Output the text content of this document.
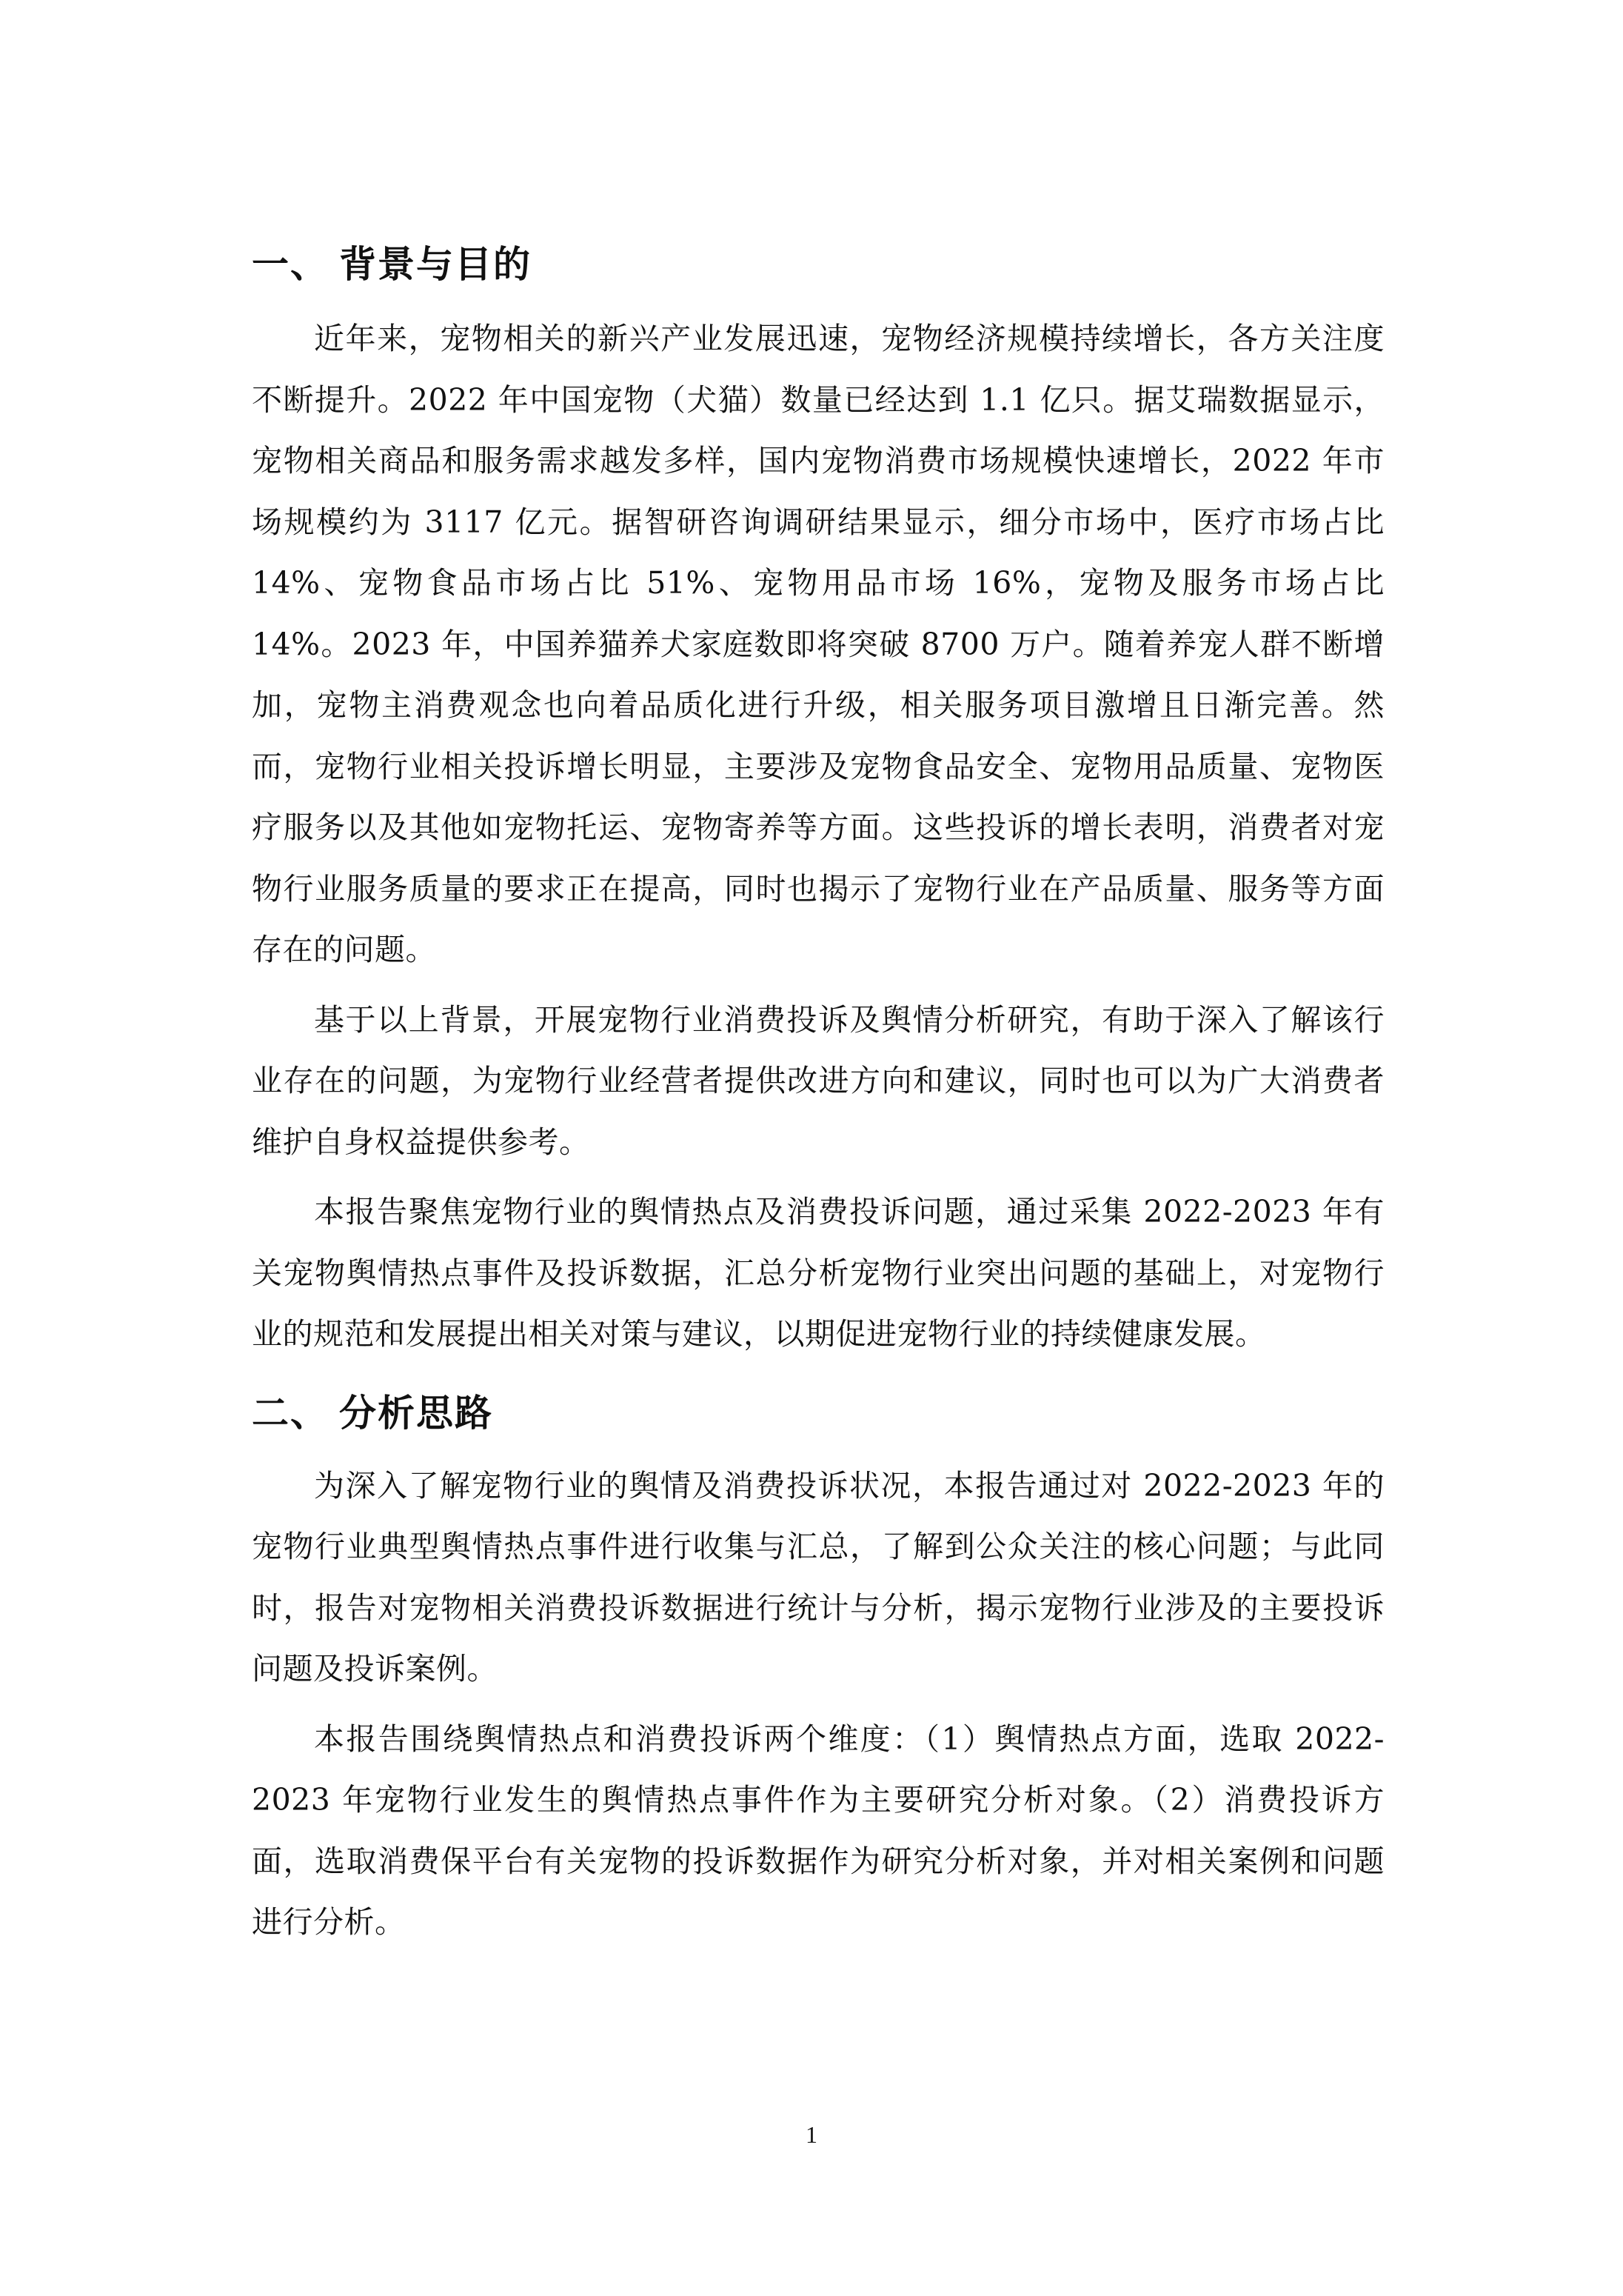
一、 背景与目的

近年来，宠物相关的新兴产业发展迅速，宠物经济规模持续增长，各方关注度不断提升。2022 年中国宠物（犬猫）数量已经达到 1.1 亿只。据艾瑞数据显示，宠物相关商品和服务需求越发多样，国内宠物消费市场规模快速增长，2022 年市场规模约为 3117 亿元。据智研咨询调研结果显示，细分市场中，医疗市场占比 14%、宠物食品市场占比 51%、宠物用品市场 16%，宠物及服务市场占比 14%。2023 年，中国养猫养犬家庭数即将突破 8700 万户。随着养宠人群不断增加，宠物主消费观念也向着品质化进行升级，相关服务项目激增且日渐完善。然而，宠物行业相关投诉增长明显，主要涉及宠物食品安全、宠物用品质量、宠物医疗服务以及其他如宠物托运、宠物寄养等方面。这些投诉的增长表明，消费者对宠物行业服务质量的要求正在提高，同时也揭示了宠物行业在产品质量、服务等方面存在的问题。

基于以上背景，开展宠物行业消费投诉及舆情分析研究，有助于深入了解该行业存在的问题，为宠物行业经营者提供改进方向和建议，同时也可以为广大消费者维护自身权益提供参考。

本报告聚焦宠物行业的舆情热点及消费投诉问题，通过采集 2022-2023 年有关宠物舆情热点事件及投诉数据，汇总分析宠物行业突出问题的基础上，对宠物行业的规范和发展提出相关对策与建议，以期促进宠物行业的持续健康发展。

二、 分析思路

为深入了解宠物行业的舆情及消费投诉状况，本报告通过对 2022-2023 年的宠物行业典型舆情热点事件进行收集与汇总，了解到公众关注的核心问题；与此同时，报告对宠物相关消费投诉数据进行统计与分析，揭示宠物行业涉及的主要投诉问题及投诉案例。

本报告围绕舆情热点和消费投诉两个维度：（1）舆情热点方面，选取 2022-2023 年宠物行业发生的舆情热点事件作为主要研究分析对象。（2）消费投诉方面，选取消费保平台有关宠物的投诉数据作为研究分析对象，并对相关案例和问题进行分析。

1
